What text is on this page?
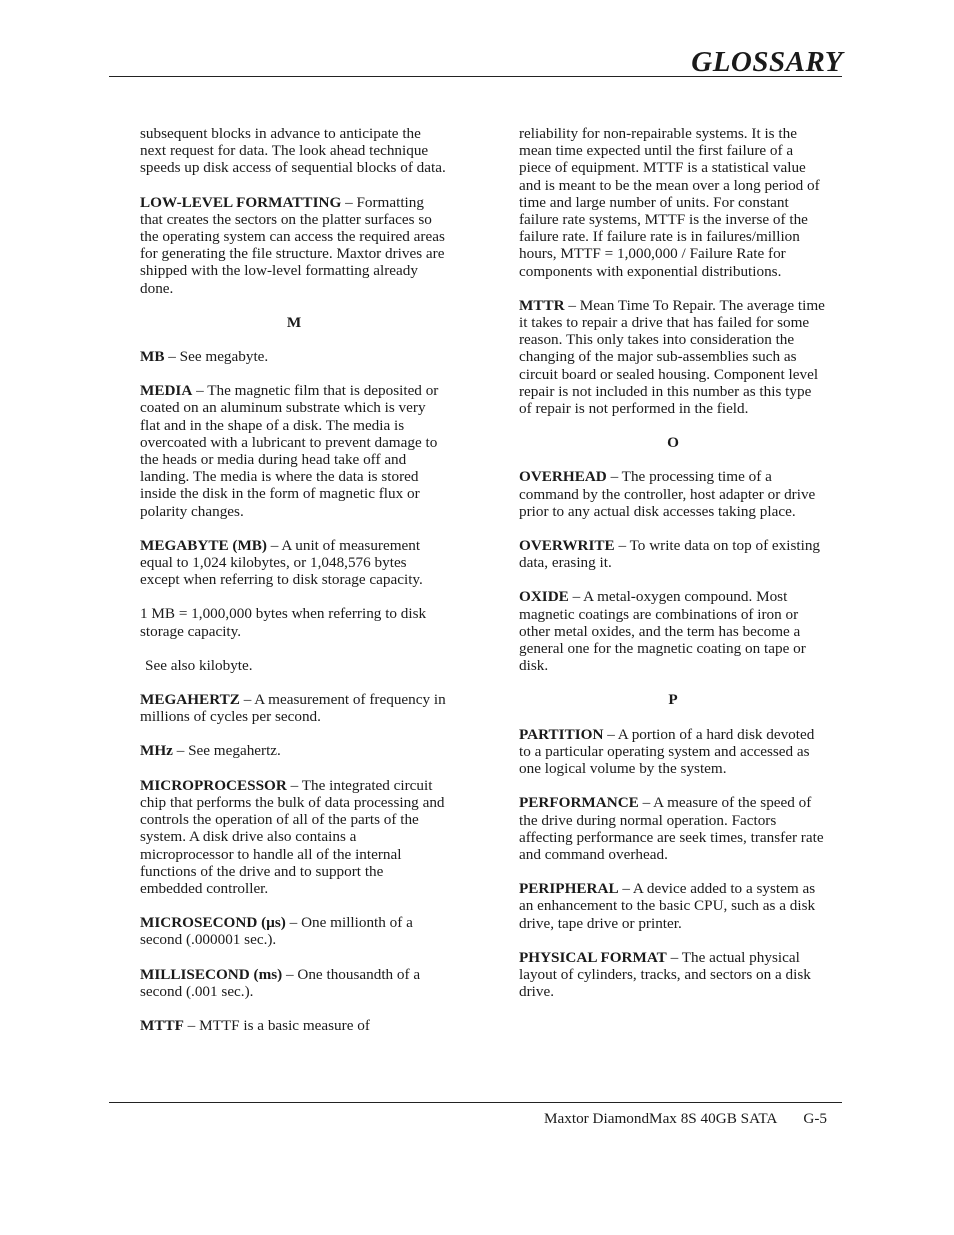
GLOSSARY

subsequent blocks in advance to anticipate the next request for data. The look ahead technique speeds up disk access of sequential blocks of data.

LOW-LEVEL FORMATTING – Formatting that creates the sectors on the platter surfaces so the operating system can access the required areas for generating the file structure. Maxtor drives are shipped with the low-level formatting already done.

M

MB – See megabyte.

MEDIA – The magnetic film that is deposited or coated on an aluminum substrate which is very flat and in the shape of a disk. The media is overcoated with a lubricant to prevent damage to the heads or media during head take off and landing. The media is where the data is stored inside the disk in the form of magnetic flux or polarity changes.

MEGABYTE (MB) – A unit of measurement equal to 1,024 kilobytes, or 1,048,576 bytes except when referring to disk storage capacity.

1 MB = 1,000,000 bytes when referring to disk storage capacity.

See also kilobyte.

MEGAHERTZ – A measurement of frequency in millions of cycles per second.

MHz – See megahertz.

MICROPROCESSOR – The integrated circuit chip that performs the bulk of data processing and controls the operation of all of the parts of the system. A disk drive also contains a microprocessor to handle all of the internal functions of the drive and to support the embedded controller.

MICROSECOND (µs) – One millionth of a second (.000001 sec.).

MILLISECOND (ms) – One thousandth of a second (.001 sec.).

MTTF – MTTF is a basic measure of

reliability for non-repairable systems. It is the mean time expected until the first failure of a piece of equipment. MTTF is a statistical value and is meant to be the mean over a long period of time and large number of units. For constant failure rate systems, MTTF is the inverse of the failure rate. If failure rate is in failures/million hours, MTTF = 1,000,000 / Failure Rate for components with exponential distributions.

MTTR – Mean Time To Repair. The average time it takes to repair a drive that has failed for some reason. This only takes into consideration the changing of the major sub-assemblies such as circuit board or sealed housing. Component level repair is not included in this number as this type of repair is not performed in the field.

O

OVERHEAD – The processing time of a command by the controller, host adapter or drive prior to any actual disk accesses taking place.

OVERWRITE – To write data on top of existing data, erasing it.

OXIDE – A metal-oxygen compound. Most magnetic coatings are combinations of iron or other metal oxides, and the term has become a general one for the magnetic coating on tape or disk.

P

PARTITION – A portion of a hard disk devoted to a particular operating system and accessed as one logical volume by the system.

PERFORMANCE – A measure of the speed of the drive during normal operation. Factors affecting performance are seek times, transfer rate and command overhead.

PERIPHERAL – A device added to a system as an enhancement to the basic CPU, such as a disk drive, tape drive or printer.

PHYSICAL FORMAT – The actual physical layout of cylinders, tracks, and sectors on a disk drive.

Maxtor DiamondMax 8S 40GB SATA G-5
